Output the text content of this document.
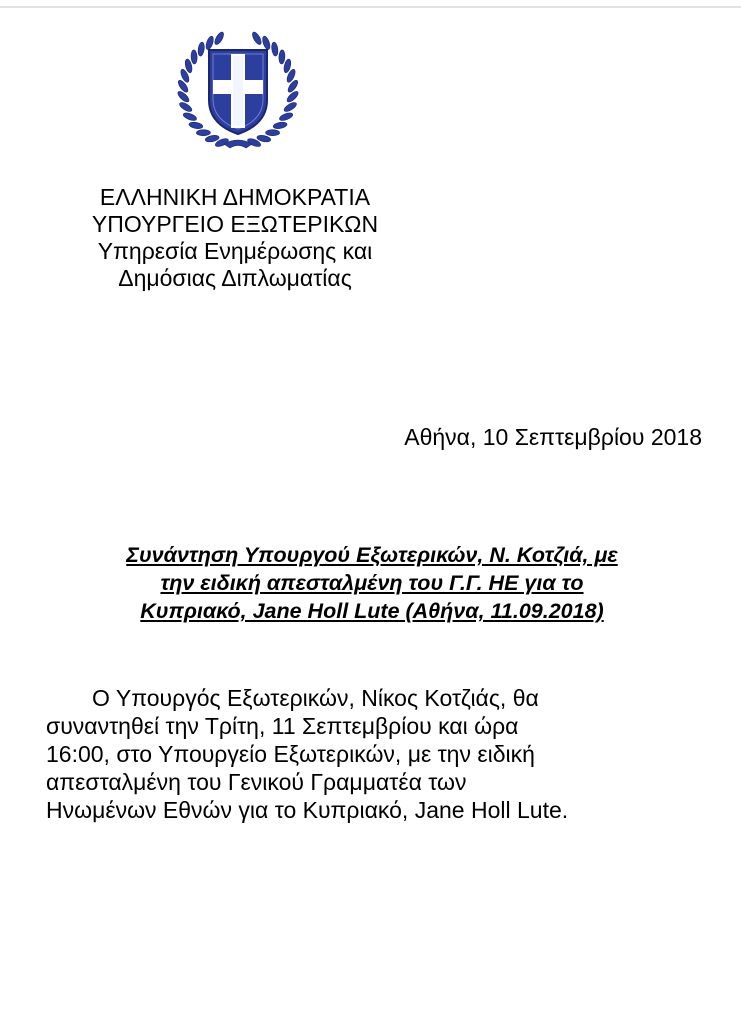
ΕΛΛΗΝΙΚΗ ΔΗΜΟΚΡΑΤΙΑ
ΥΠΟΥΡΓΕΙΟ ΕΞΩΤΕΡΙΚΩΝ
Υπηρεσία Ενημέρωσης και
Δημόσιας Διπλωματίας
Αθήνα, 10 Σεπτεμβρίου 2018
Συνάντηση Υπουργού Εξωτερικών, Ν. Κοτζιά, με
την ειδική απεσταλμένη του Γ.Γ. ΗΕ για το
Κυπριακό, Jane Holl Lute (Αθήνα, 11.09.2018)
Ο Υπουργός Εξωτερικών, Νίκος Κοτζιάς, θα
συναντηθεί την Τρίτη, 11 Σεπτεμβρίου και ώρα
16:00, στο Υπουργείο Εξωτερικών, με την ειδική
απεσταλμένη του Γενικού Γραμματέα των
Ηνωμένων Εθνών για το Κυπριακό, Jane Holl Lute.
